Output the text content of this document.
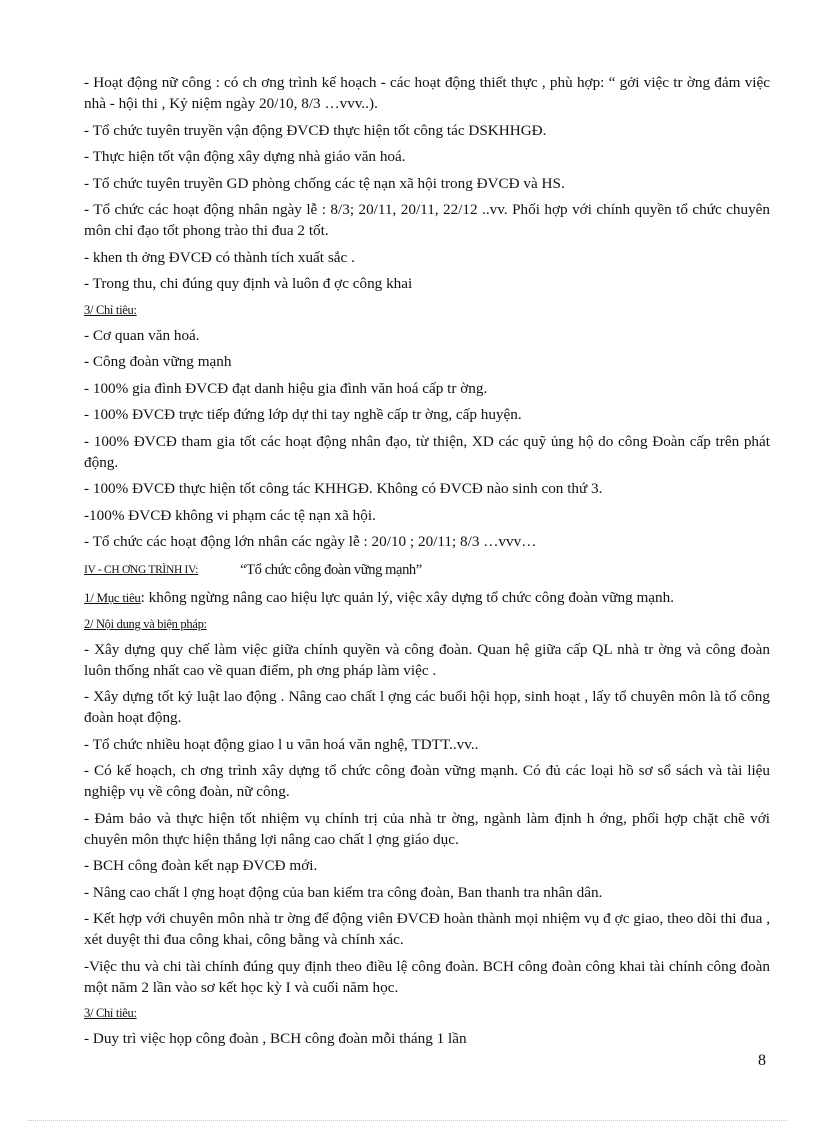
- Hoạt động nữ công : có ch ơng trình kế hoạch - các hoạt động thiết thực , phù hợp: “ gởi việc tr ờng đảm việc nhà - hội thi , Kỷ niệm ngày 20/10, 8/3 …vvv..).

- Tổ chức tuyên truyền vận động ĐVCĐ thực hiện tốt công tác DSKHHGĐ.

- Thực hiện tốt vận động xây dựng nhà giáo văn hoá.

- Tổ chức tuyên truyền GD phòng chống các tệ nạn xã hội trong ĐVCĐ và HS.

- Tổ chức các hoạt động nhân ngày lễ : 8/3; 20/11, 20/11, 22/12 ..vv. Phối hợp với chính quyền tổ chức chuyên môn chỉ đạo tốt phong trào thi đua 2 tốt.

- khen th ởng ĐVCĐ có thành tích xuất sắc .

- Trong thu, chi đúng quy định và luôn đ ợc công khai

3/ Chỉ tiêu:

- Cơ quan văn hoá.

- Công đoàn vững mạnh

- 100% gia đình ĐVCĐ đạt danh hiệu gia đình văn hoá cấp tr ờng.

- 100% ĐVCĐ trực tiếp đứng lớp dự thi tay nghề cấp tr ờng, cấp huyện.

- 100% ĐVCĐ tham gia tốt các hoạt động nhân đạo, từ thiện, XD các quỹ ủng hộ do công Đoàn cấp trên phát động.

- 100% ĐVCĐ thực hiện tốt công tác KHHGĐ. Không có ĐVCĐ nào sinh con thứ 3.

-100% ĐVCĐ không vi phạm các tệ nạn xã hội.

- Tổ chức các hoạt động lớn nhân các ngày lễ : 20/10 ; 20/11; 8/3 …vvv…

IV - CH ƠNG TRÌNH IV:	“Tổ chức công đoàn vững mạnh”

1/ Mục tiêu: không ngừng nâng cao hiệu lực quản lý, việc xây dựng tổ chức công đoàn vững mạnh.

2/ Nội dung và biện pháp:

- Xây dựng quy chế làm việc giữa chính quyền và công đoàn. Quan hệ giữa cấp QL nhà tr ờng và công đoàn luôn thống nhất cao về quan điểm, ph ơng pháp làm việc .

- Xây dựng tốt kỷ luật lao động . Nâng cao chất l ợng các buổi hội họp, sinh hoạt , lấy tổ chuyên môn là tổ công đoàn hoạt động.

- Tổ chức nhiều hoạt động giao l u văn hoá văn nghệ, TDTT..vv..

- Có kế hoạch, ch ơng trình xây dựng tổ chức công đoàn vững mạnh. Có đủ các loại hồ sơ sổ sách và tài liệu nghiệp vụ về công đoàn, nữ công.

- Đảm bảo và thực hiện tốt nhiệm vụ chính trị của nhà tr ờng, ngành làm định h ớng, phối hợp chặt chẽ với chuyên môn thực hiện thắng lợi nâng cao chất l ợng giáo dục.

- BCH công đoàn kết nạp ĐVCĐ mới.

- Nâng cao chất l ợng hoạt động của ban kiểm tra công đoàn, Ban thanh tra nhân dân.

- Kết hợp với chuyên môn nhà tr ờng để động viên ĐVCĐ hoàn thành mọi nhiệm vụ đ ợc giao, theo dõi thi đua , xét duyệt thi đua công khai, công bằng và chính xác.

-Việc thu và chi tài chính đúng quy định theo điều lệ công đoàn. BCH công đoàn công khai tài chính công đoàn một năm 2 lần vào sơ kết học kỳ I và cuối năm học.

3/ Chỉ tiêu:

- Duy trì việc họp công đoàn , BCH công đoàn mỗi tháng 1 lần

8
